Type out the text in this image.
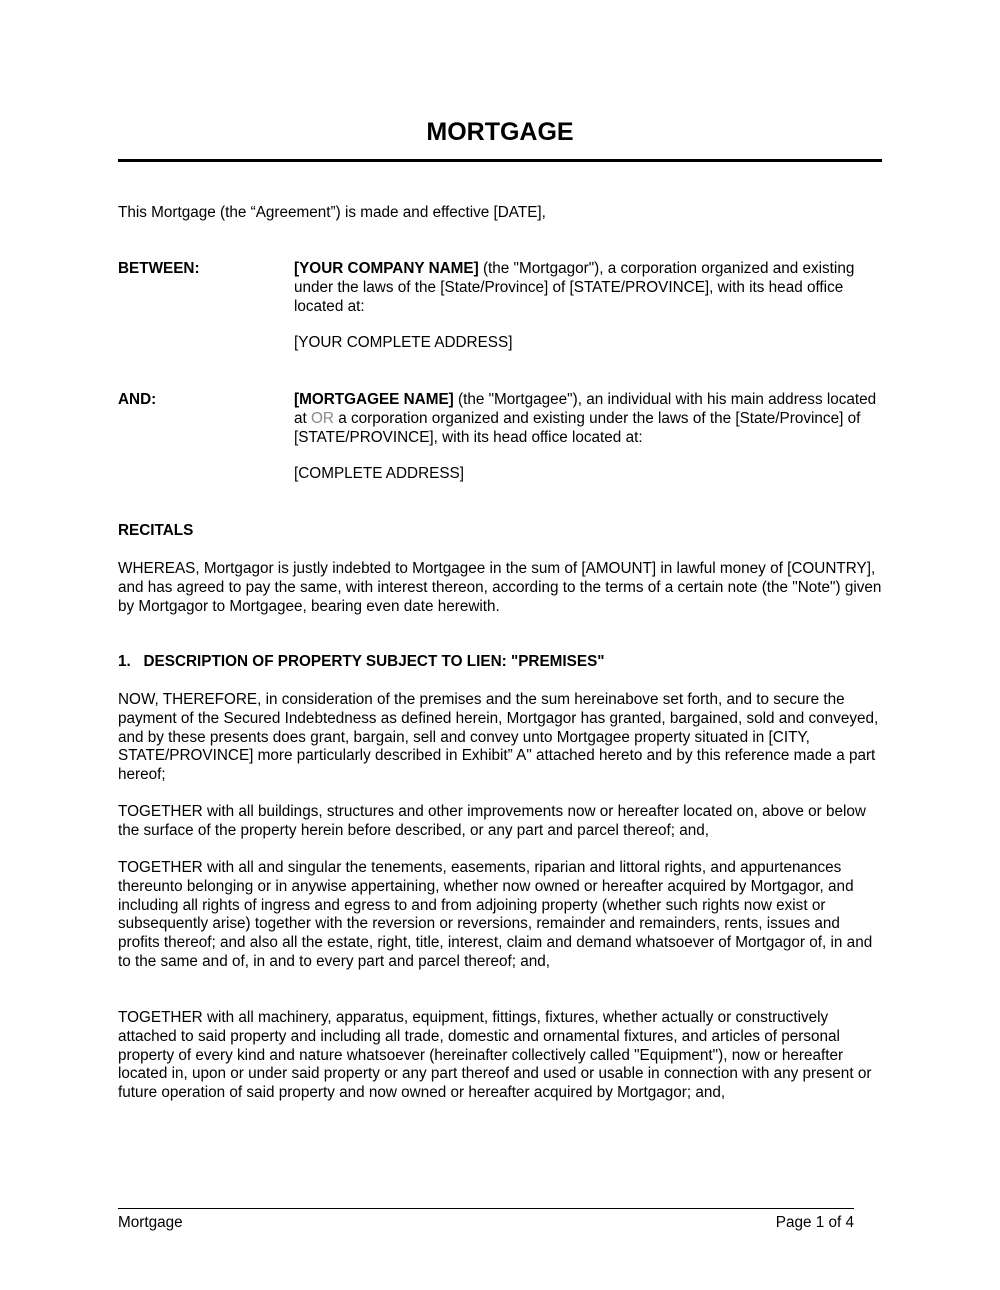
MORTGAGE

This Mortgage (the “Agreement”) is made and effective [DATE],

BETWEEN:	[YOUR COMPANY NAME] (the "Mortgagor"), a corporation organized and existing under the laws of the [State/Province] of [STATE/PROVINCE], with its head office located at:

[YOUR COMPLETE ADDRESS]

AND:	[MORTGAGEE NAME] (the "Mortgagee"), an individual with his main address located at OR a corporation organized and existing under the laws of the [State/Province] of [STATE/PROVINCE], with its head office located at:

[COMPLETE ADDRESS]

RECITALS

WHEREAS, Mortgagor is justly indebted to Mortgagee in the sum of [AMOUNT] in lawful money of [COUNTRY], and has agreed to pay the same, with interest thereon, according to the terms of a certain note (the "Note") given by Mortgagor to Mortgagee, bearing even date herewith.

1.   DESCRIPTION OF PROPERTY SUBJECT TO LIEN: "PREMISES"

NOW, THEREFORE, in consideration of the premises and the sum hereinabove set forth, and to secure the payment of the Secured Indebtedness as defined herein, Mortgagor has granted, bargained, sold and conveyed, and by these presents does grant, bargain, sell and convey unto Mortgagee property situated in [CITY, STATE/PROVINCE] more particularly described in Exhibit” A" attached hereto and by this reference made a part hereof;

TOGETHER with all buildings, structures and other improvements now or hereafter located on, above or below the surface of the property herein before described, or any part and parcel thereof; and,

TOGETHER with all and singular the tenements, easements, riparian and littoral rights, and appurtenances thereunto belonging or in anywise appertaining, whether now owned or hereafter acquired by Mortgagor, and including all rights of ingress and egress to and from adjoining property (whether such rights now exist or subsequently arise) together with the reversion or reversions, remainder and remainders, rents, issues and profits thereof; and also all the estate, right, title, interest, claim and demand whatsoever of Mortgagor of, in and to the same and of, in and to every part and parcel thereof; and,

TOGETHER with all machinery, apparatus, equipment, fittings, fixtures, whether actually or constructively attached to said property and including all trade, domestic and ornamental fixtures, and articles of personal property of every kind and nature whatsoever (hereinafter collectively called "Equipment"), now or hereafter located in, upon or under said property or any part thereof and used or usable in connection with any present or future operation of said property and now owned or hereafter acquired by Mortgagor; and,

Mortgage	Page 1 of 4
